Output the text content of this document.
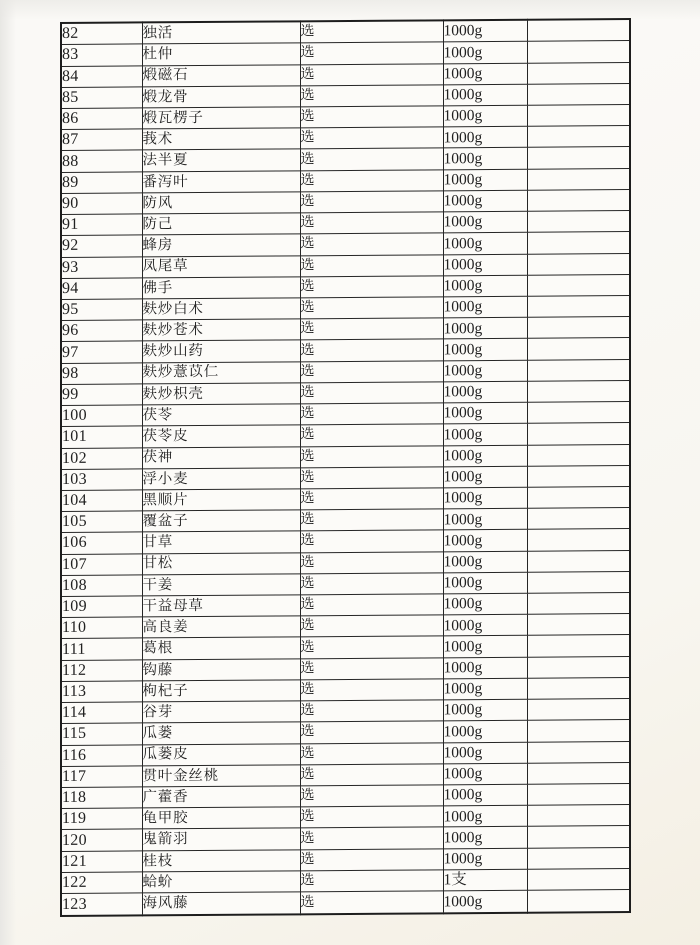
82	独活	选	1000g	
83	杜仲	选	1000g	
84	煅磁石	选	1000g	
85	煅龙骨	选	1000g	
86	煅瓦楞子	选	1000g	
87	莪术	选	1000g	
88	法半夏	选	1000g	
89	番泻叶	选	1000g	
90	防风	选	1000g	
91	防己	选	1000g	
92	蜂房	选	1000g	
93	凤尾草	选	1000g	
94	佛手	选	1000g	
95	麸炒白术	选	1000g	
96	麸炒苍术	选	1000g	
97	麸炒山药	选	1000g	
98	麸炒薏苡仁	选	1000g	
99	麸炒枳壳	选	1000g	
100	茯苓	选	1000g	
101	茯苓皮	选	1000g	
102	茯神	选	1000g	
103	浮小麦	选	1000g	
104	黑顺片	选	1000g	
105	覆盆子	选	1000g	
106	甘草	选	1000g	
107	甘松	选	1000g	
108	干姜	选	1000g	
109	干益母草	选	1000g	
110	高良姜	选	1000g	
111	葛根	选	1000g	
112	钩藤	选	1000g	
113	枸杞子	选	1000g	
114	谷芽	选	1000g	
115	瓜蒌	选	1000g	
116	瓜蒌皮	选	1000g	
117	贯叶金丝桃	选	1000g	
118	广藿香	选	1000g	
119	龟甲胶	选	1000g	
120	鬼箭羽	选	1000g	
121	桂枝	选	1000g	
122	蛤蚧	选	1支	
123	海风藤	选	1000g	
